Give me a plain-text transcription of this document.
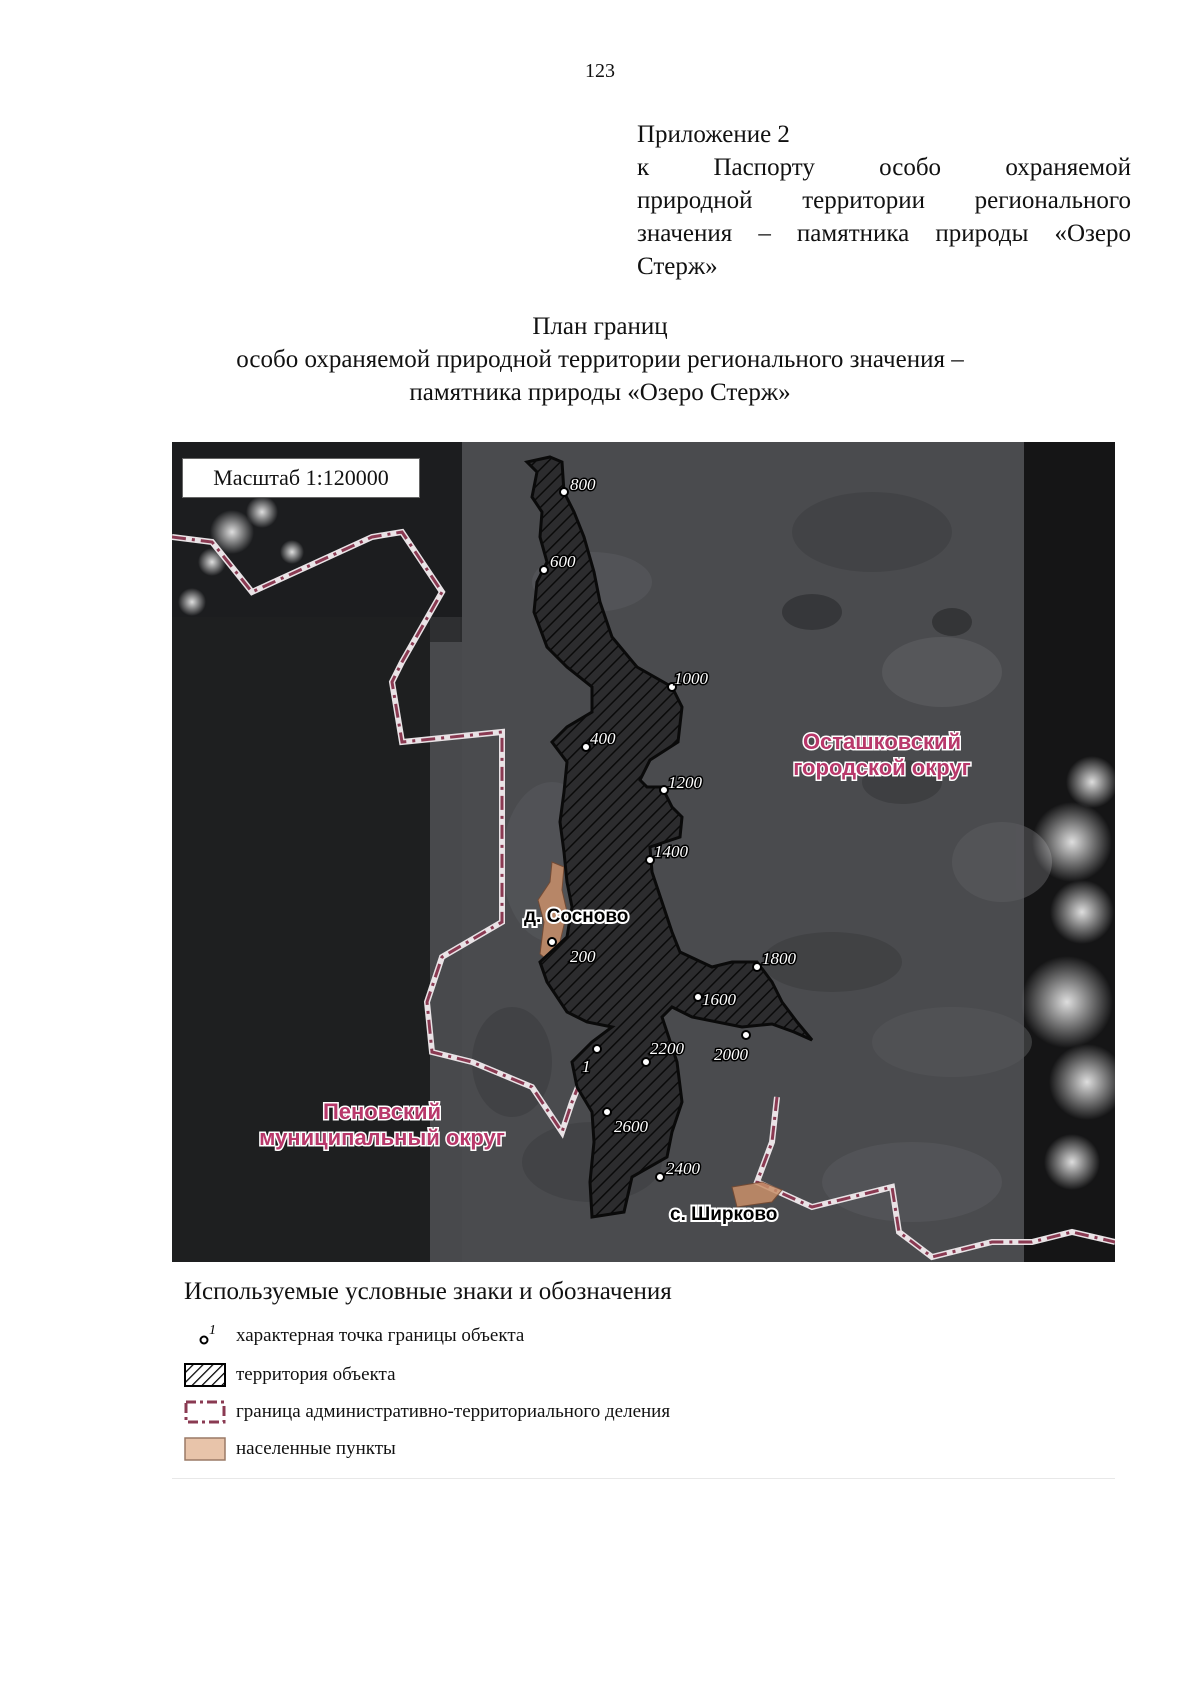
123
Приложение 2
к Паспорту особо охраняемой
природной территории регионального
значения – памятника природы «Озеро
Стерж»
План границ
особо охраняемой природной территории регионального значения –
памятника природы «Озеро Стерж»
800
600
1000
400
1200
1400
200	1800
1600
2200
1
2000
2600
2400
д. Сосново
с. Ширково
Осташковский
городской округ
Пеновский
муниципальный округ
Масштаб 1:120000
Используемые условные знаки и обозначения
1 характерная точка границы объекта
территория объекта
граница административно-территориального деления
населенные пункты
